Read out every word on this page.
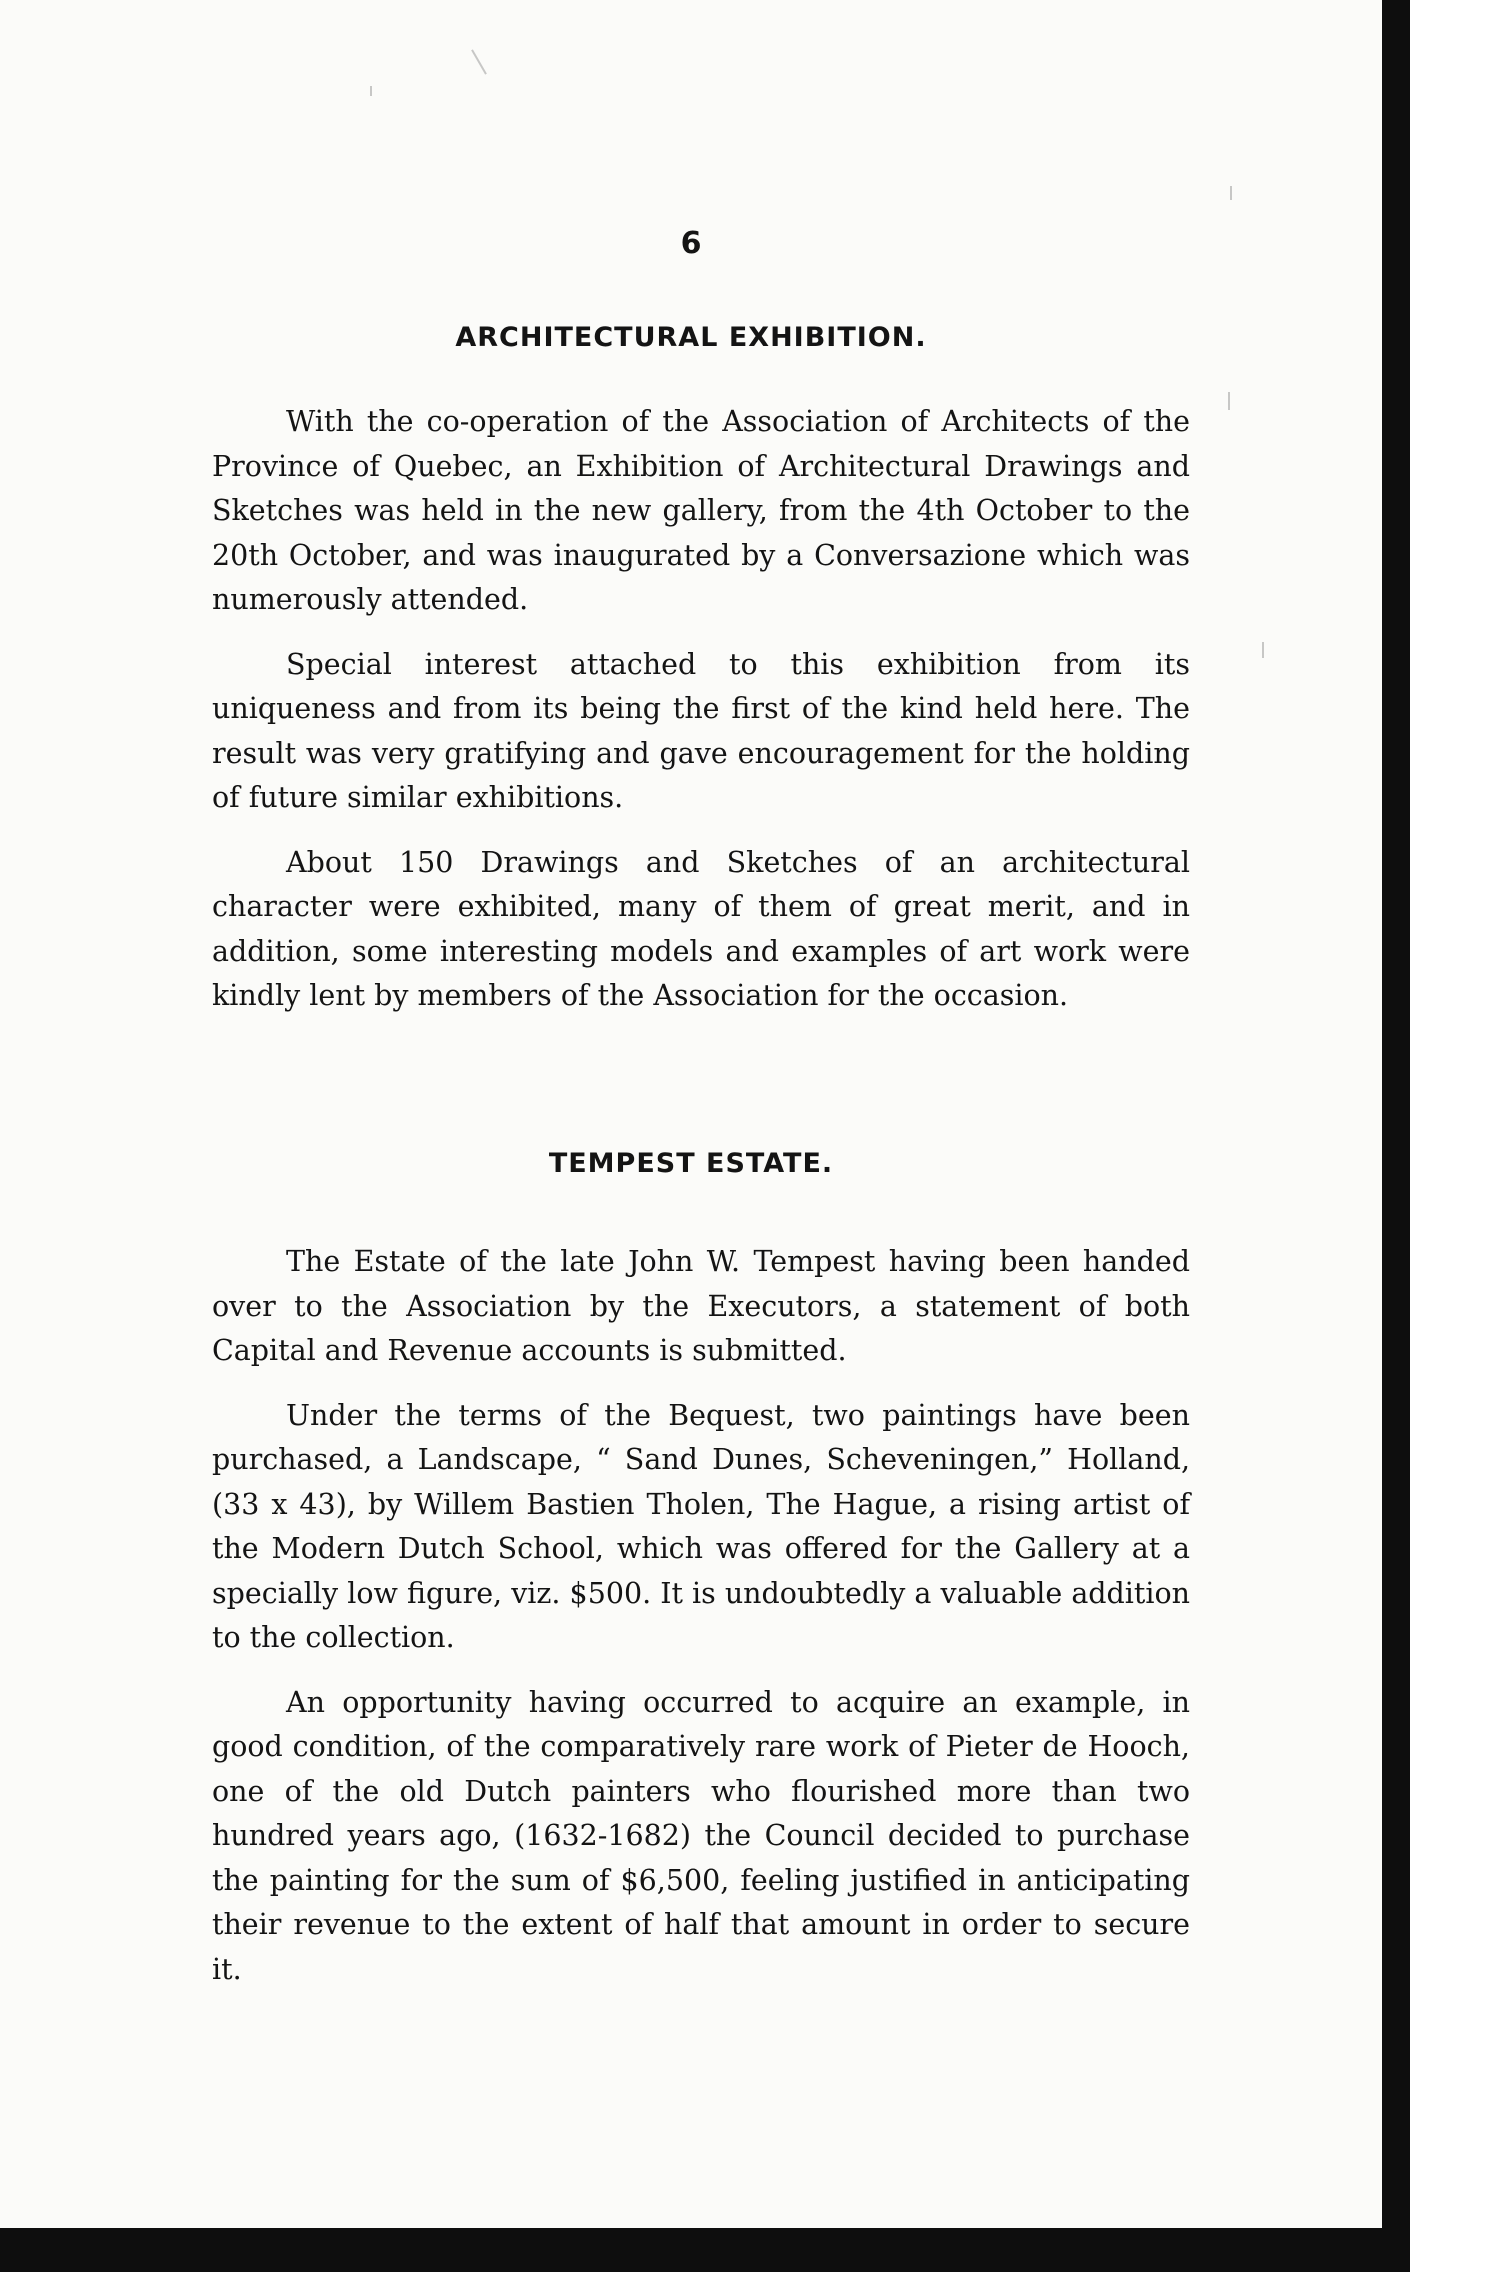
6
ARCHITECTURAL EXHIBITION.

With the co-operation of the Association of Architects of the Province of Quebec, an Exhibition of Architectural Drawings and Sketches was held in the new gallery, from the 4th October to the 20th October, and was inaugurated by a Conversazione which was numerously attended.

Special interest attached to this exhibition from its uniqueness and from its being the first of the kind held here. The result was very gratifying and gave encouragement for the holding of future similar exhibitions.

About 150 Drawings and Sketches of an architectural character were exhibited, many of them of great merit, and in addition, some interesting models and examples of art work were kindly lent by members of the Association for the occasion.

TEMPEST ESTATE.

The Estate of the late John W. Tempest having been handed over to the Association by the Executors, a statement of both Capital and Revenue accounts is submitted.

Under the terms of the Bequest, two paintings have been purchased, a Landscape, “ Sand Dunes, Scheveningen,” Holland, (33 x 43), by Willem Bastien Tholen, The Hague, a rising artist of the Modern Dutch School, which was offered for the Gallery at a specially low figure, viz. $500. It is undoubtedly a valuable addition to the collection.

An opportunity having occurred to acquire an example, in good condition, of the comparatively rare work of Pieter de Hooch, one of the old Dutch painters who flourished more than two hundred years ago, (1632-1682) the Council decided to purchase the painting for the sum of $6,500, feeling justified in anticipating their revenue to the extent of half that amount in order to secure it.
